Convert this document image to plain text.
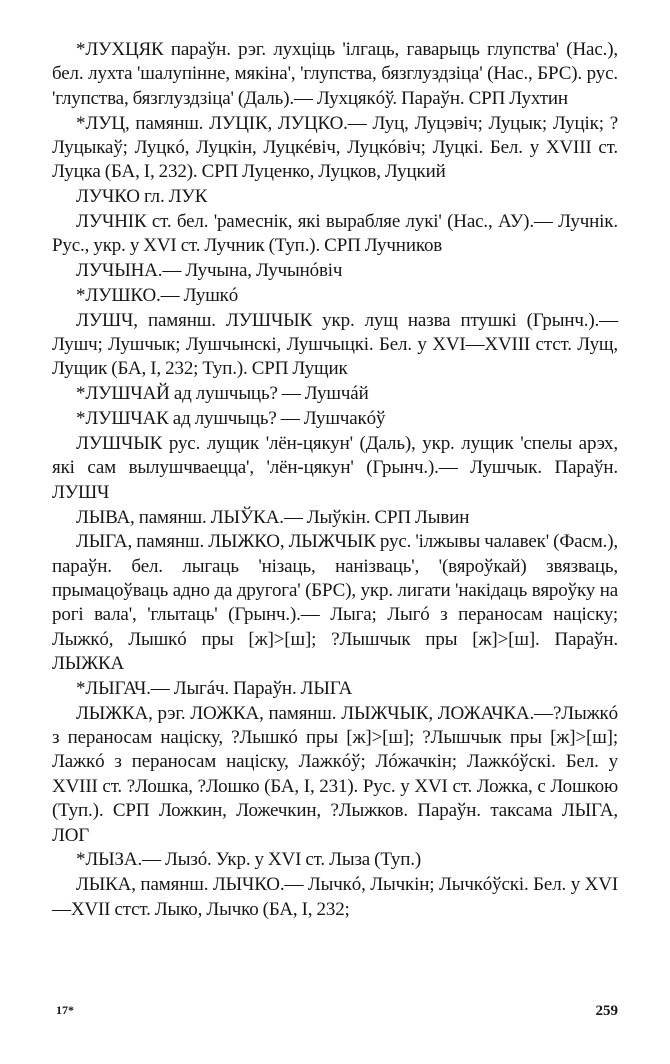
*ЛУХЦЯК параўн. рэг. лухціць 'ілгаць, гаварыць глупства' (Нас.), бел. лухта 'шалупінне, мякіна', 'глупства, бязглуздзіца' (Нас., БРС). рус. 'глупства, бязглуздзіца' (Даль).— Лухцякóў. Параўн. СРП Лухтин

*ЛУЦ, памянш. ЛУЦІК, ЛУЦКО.— Луц, Луцэвіч; Луцык; Луцік; ?Луцыкаў; Луцкó, Луцкін, Луцкéвіч, Луцкóвіч; Луцкі. Бел. у XVIII ст. Луцка (БА, I, 232). СРП Луценко, Луцков, Луцкий

ЛУЧКО гл. ЛУК

ЛУЧНІК ст. бел. 'рамеснік, які вырабляе лукі' (Нас., АУ).— Лучнік. Рус., укр. у XVI ст. Лучник (Туп.). СРП Лучников

ЛУЧЫНА.— Лучына, Лучынóвіч

*ЛУШКО.— Лушкó

ЛУШЧ, памянш. ЛУШЧЫК укр. лущ назва птушкі (Грынч.).— Лушч; Лушчык; Лушчынскі, Лушчыцкі. Бел. у XVI—XVIII стст. Лущ, Лущик (БА, I, 232; Туп.). СРП Лущик

*ЛУШЧАЙ ад лушчыць? — Лушчáй

*ЛУШЧАК ад лушчыць? — Лушчакóў

ЛУШЧЫК рус. лущик 'лён-цякун' (Даль), укр. лущик 'спелы арэх, які сам вылушчваецца', 'лён-цякун' (Грынч.).— Лушчык. Параўн. ЛУШЧ

ЛЫВА, памянш. ЛЫЎКА.— Лыўкін. СРП Лывин

ЛЫГА, памянш. ЛЫЖКО, ЛЫЖЧЫК рус. 'ілжывы чалавек' (Фасм.), параўн. бел. лыгаць 'нізаць, нанізваць', '(вяроўкай) звязваць, прымацоўваць адно да другога' (БРС), укр. лигати 'накідаць вяроўку на рогі вала', 'глытаць' (Грынч.).— Лыга; Лыгó з пераносам націску; Лыжкó, Лышкó пры [ж]>[ш]; ?Лышчык пры [ж]>[ш]. Параўн. ЛЫЖКА

*ЛЫГАЧ.— Лыгáч. Параўн. ЛЫГА

ЛЫЖКА, рэг. ЛОЖКА, памянш. ЛЫЖЧЫК, ЛОЖАЧКА.—?Лыжкó з пераносам націску, ?Лышкó пры [ж]>[ш]; ?Лышчык пры [ж]>[ш]; Лажкó з пераносам націску, Лажкóў; Лóжачкін; Лажкóўскі. Бел. у XVIII ст. ?Лошка, ?Лошко (БА, I, 231). Рус. у XVI ст. Ложка, с Лошкою (Туп.). СРП Ложкин, Ложечкин, ?Лыжков. Параўн. таксама ЛЫГА, ЛОГ

*ЛЫЗА.— Лызó. Укр. у XVI ст. Лыза (Туп.)

ЛЫКА, памянш. ЛЫЧКО.— Лычкó, Лычкін; Лычкóўскі. Бел. у XVI—XVII стст. Лыко, Лычко (БА, I, 232;

17*	259
